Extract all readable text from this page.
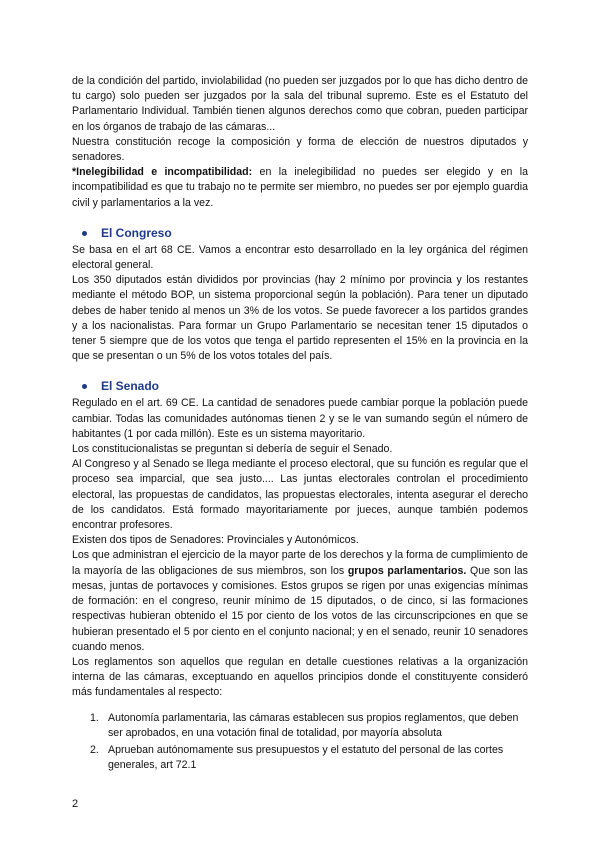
de la condición del partido, inviolabilidad (no pueden ser juzgados por lo que has dicho dentro de tu cargo) solo pueden ser juzgados por la sala del tribunal supremo. Este es el Estatuto del Parlamentario Individual. También tienen algunos derechos como que cobran, pueden participar en los órganos de trabajo de las cámaras...

Nuestra constitución recoge la composición y forma de elección de nuestros diputados y senadores.

*Inelegibilidad e incompatibilidad: en la inelegibilidad no puedes ser elegido y en la incompatibilidad es que tu trabajo no te permite ser miembro, no puedes ser por ejemplo guardia civil y parlamentarios a la vez.

El Congreso

Se basa en el art 68 CE. Vamos a encontrar esto desarrollado en la ley orgánica del régimen electoral general.

Los 350 diputados están divididos por provincias (hay 2 mínimo por provincia y los restantes mediante el método BOP, un sistema proporcional según la población). Para tener un diputado debes de haber tenido al menos un 3% de los votos. Se puede favorecer a los partidos grandes y a los nacionalistas. Para formar un Grupo Parlamentario se necesitan tener 15 diputados o tener 5 siempre que de los votos que tenga el partido representen el 15% en la provincia en la que se presentan o un 5% de los votos totales del país.

El Senado

Regulado en el art. 69 CE. La cantidad de senadores puede cambiar porque la población puede cambiar. Todas las comunidades autónomas tienen 2 y se le van sumando según el número de habitantes (1 por cada millón). Este es un sistema mayoritario.

Los constitucionalistas se preguntan si debería de seguir el Senado.

Al Congreso y al Senado se llega mediante el proceso electoral, que su función es regular que el proceso sea imparcial, que sea justo.... Las juntas electorales controlan el procedimiento electoral, las propuestas de candidatos, las propuestas electorales, intenta asegurar el derecho de los candidatos. Está formado mayoritariamente por jueces, aunque también podemos encontrar profesores.

Existen dos tipos de Senadores: Provinciales y Autonómicos.

Los que administran el ejercicio de la mayor parte de los derechos y la forma de cumplimiento de la mayoría de las obligaciones de sus miembros, son los grupos parlamentarios. Que son las mesas, juntas de portavoces y comisiones. Estos grupos se rigen por unas exigencias mínimas de formación: en el congreso, reunir mínimo de 15 diputados, o de cinco, si las formaciones respectivas hubieran obtenido el 15 por ciento de los votos de las circunscripciones en que se hubieran presentado el 5 por ciento en el conjunto nacional; y en el senado, reunir 10 senadores cuando menos.

Los reglamentos son aquellos que regulan en detalle cuestiones relativas a la organización interna de las cámaras, exceptuando en aquellos principios donde el constituyente consideró más fundamentales al respecto:

1. Autonomía parlamentaria, las cámaras establecen sus propios reglamentos, que deben ser aprobados, en una votación final de totalidad, por mayoría absoluta
2. Aprueban autónomamente sus presupuestos y el estatuto del personal de las cortes generales, art 72.1
2
